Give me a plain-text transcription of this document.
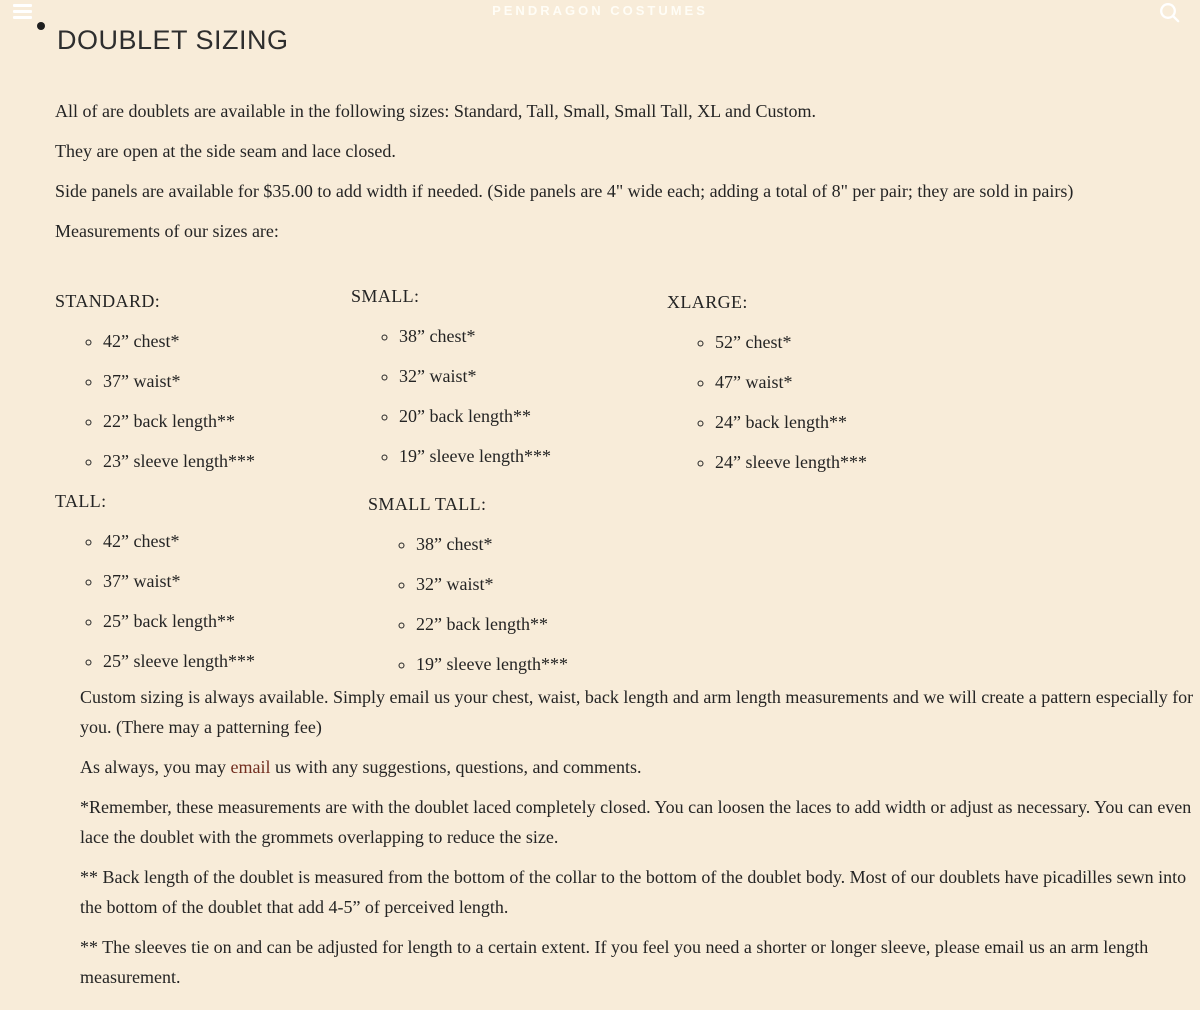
PENDRAGON COSTUMES
DOUBLET SIZING

All of are doublets are available in the following sizes: Standard, Tall, Small, Small Tall, XL and Custom.

They are open at the side seam and lace closed.

Side panels are available for $35.00 to add width if needed. (Side panels are 4" wide each; adding a total of 8" per pair; they are sold in pairs)

Measurements of our sizes are:

STANDARD:
◦ 42” chest*
◦ 37” waist*
◦ 22” back length**
◦ 23” sleeve length***
SMALL:
◦ 38” chest*
◦ 32” waist*
◦ 20” back length**
◦ 19” sleeve length***
XLARGE:
◦ 52” chest*
◦ 47” waist*
◦ 24” back length**
◦ 24” sleeve length***
TALL:
◦ 42” chest*
◦ 37” waist*
◦ 25” back length**
◦ 25” sleeve length***
SMALL TALL:
◦ 38” chest*
◦ 32” waist*
◦ 22” back length**
◦ 19” sleeve length***

Custom sizing is always available. Simply email us your chest, waist, back length and arm length measurements and we will create a pattern especially for you. (There may a patterning fee)

As always, you may email us with any suggestions, questions, and comments.

*Remember, these measurements are with the doublet laced completely closed. You can loosen the laces to add width or adjust as necessary. You can even lace the doublet with the grommets overlapping to reduce the size.

** Back length of the doublet is measured from the bottom of the collar to the bottom of the doublet body. Most of our doublets have picadilles sewn into the bottom of the doublet that add 4-5” of perceived length.

** The sleeves tie on and can be adjusted for length to a certain extent. If you feel you need a shorter or longer sleeve, please email us an arm length measurement.
